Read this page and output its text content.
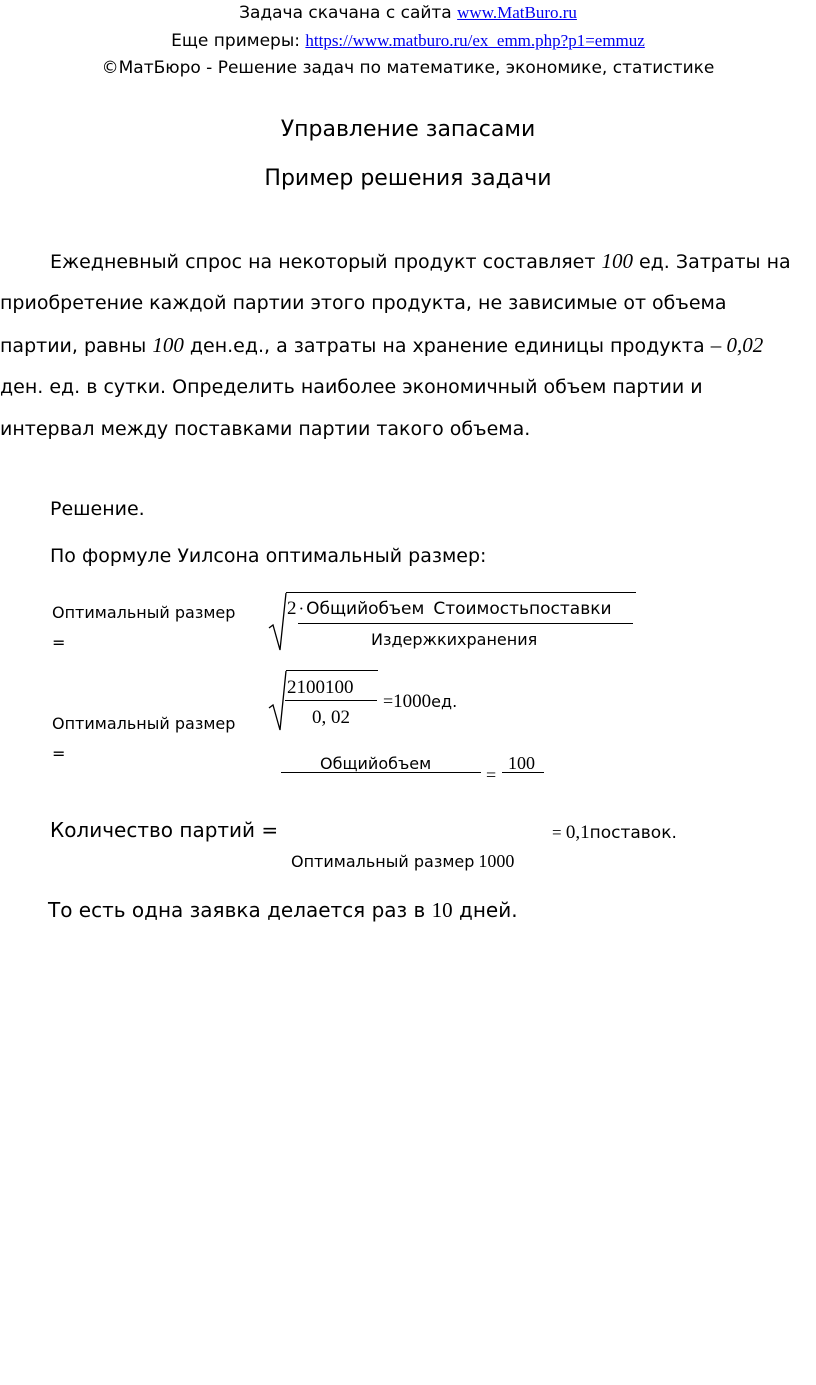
Задача скачана с сайта www.MatBuro.ru
Еще примеры: https://www.matburo.ru/ex_emm.php?p1=emmuz
©МатБюро - Решение задач по математике, экономике, статистике
Управление запасами
Пример решения задачи
Ежедневный спрос на некоторый продукт составляет 100 ед. Затраты на
приобретение каждой партии этого продукта, не зависимые от объема
партии, равны 100 ден.ед., а затраты на хранение единицы продукта – 0,02
ден. ед. в сутки. Определить наиболее экономичный объем партии и
интервал между поставками партии такого объема.
Решение.
По формуле Уилсона оптимальный размер:
Оптимальный размер
=
2 · Общийобъем Стоимостьпоставки
Издержкихранения
2100100
0, 02
=1000ед.
Оптимальный размер
=
Общийобъем
=
100
Количество партий =	= 0,1поставок.
Оптимальный размер 1000
То есть одна заявка делается раз в 10 дней.
